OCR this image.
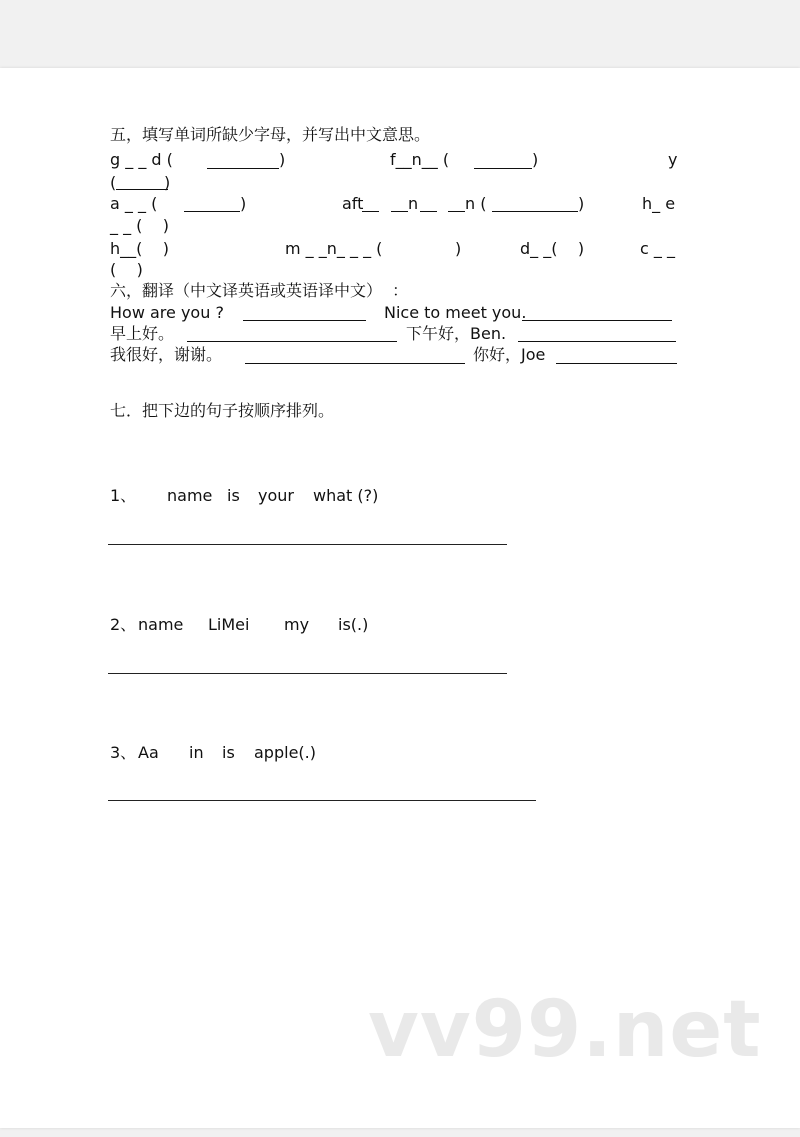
五，填写单词所缺少字母，并写出中文意思。
g _ _ d (	)	f__n__ (	)	y
(	)
a _ _ (	)	aft	n	n (	)	h_ e
_ _ (    )
h__(    )	m _ _n_ _ _ (	)	d_ _(    )	c _ _
(    )
六，翻译（中文译英语或英语译中文）  ：
How are you ?	Nice to meet you.
早上好。	下午好，Ben.
我很好，谢谢。	你好，Joe
七．把下边的句子按顺序排列。
1、 name is your what (?)
2、 name LiMei my is(.)
3、 Aa in is apple(.)
vv99.net
